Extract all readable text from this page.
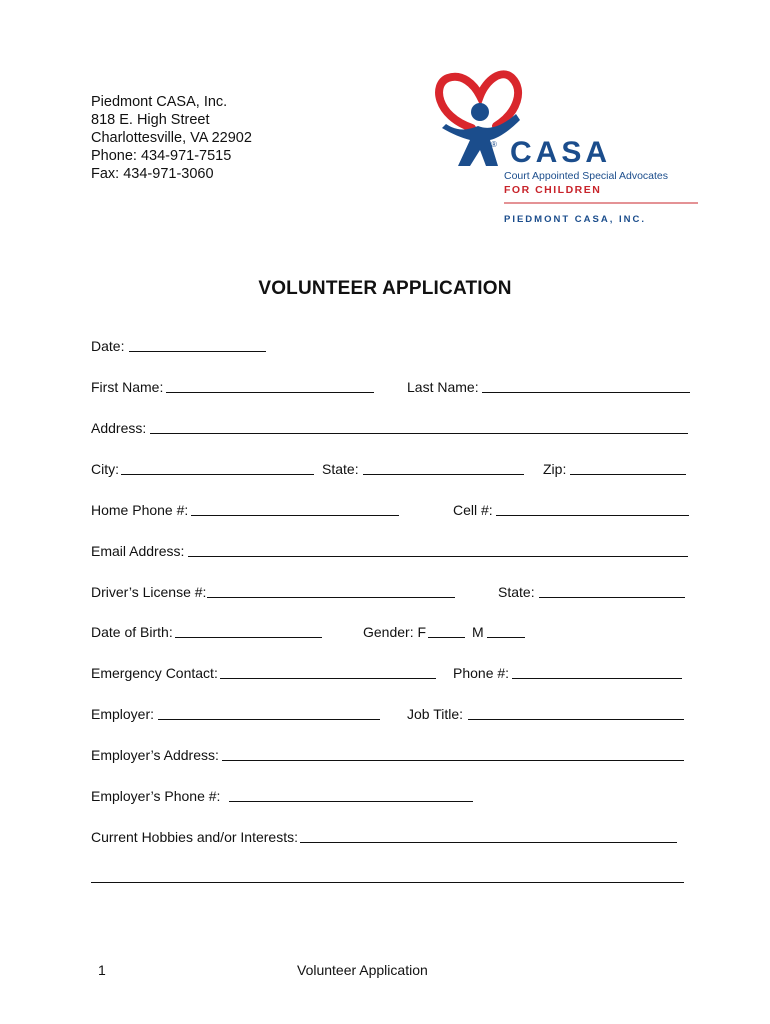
Piedmont CASA, Inc.
818 E. High Street
Charlottesville, VA 22902
Phone: 434-971-7515
Fax: 434-971-3060
® CASA
Court Appointed Special Advocates
FOR CHILDREN
PIEDMONT CASA, INC.
VOLUNTEER APPLICATION
Date:
First Name:	Last Name:
Address:
City:	State:	Zip:
Home Phone #:	Cell #:
Email Address:
Driver’s License #:	State:
Date of Birth:	Gender: F	M
Emergency Contact:	Phone #:
Employer:	Job Title:
Employer’s Address:
Employer’s Phone #:
Current Hobbies and/or Interests:
1	Volunteer Application
